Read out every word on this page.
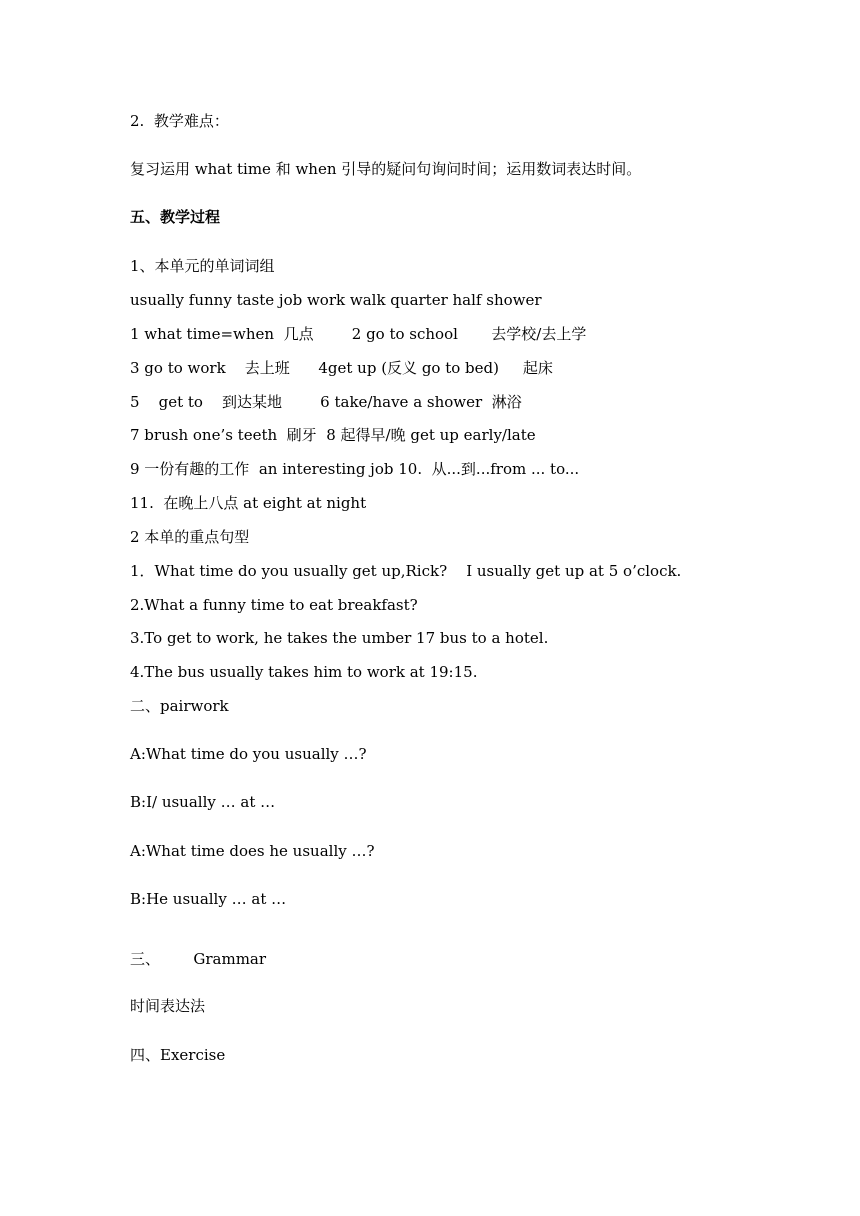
2.  教学难点：
复习运用 what time 和 when 引导的疑问句询问时间；运用数词表达时间。
五、教学过程
1、本单元的单词词组
usually funny taste job work walk quarter half shower
1 what time=when  几点        2 go to school       去学校/去上学
3 go to work    去上班      4get up (反义 go to bed)     起床
5    get to    到达某地        6 take/have a shower  淋浴
7 brush one’s teeth  刷牙  8 起得早/晚 get up early/late
9 一份有趣的工作  an interesting job 10.  从...到...from ... to...
11.  在晚上八点 at eight at night
2 本单的重点句型
1．What time do you usually get up,Rick?    I usually get up at 5 o’clock.
2.What a funny time to eat breakfast?
3.To get to work, he takes the umber 17 bus to a hotel.
4.The bus usually takes him to work at 19:15.
二、pairwork
A:What time do you usually …?
B:I/ usually … at …
A:What time does he usually …?
B:He usually … at …
三、       Grammar
时间表达法
四、Exercise
